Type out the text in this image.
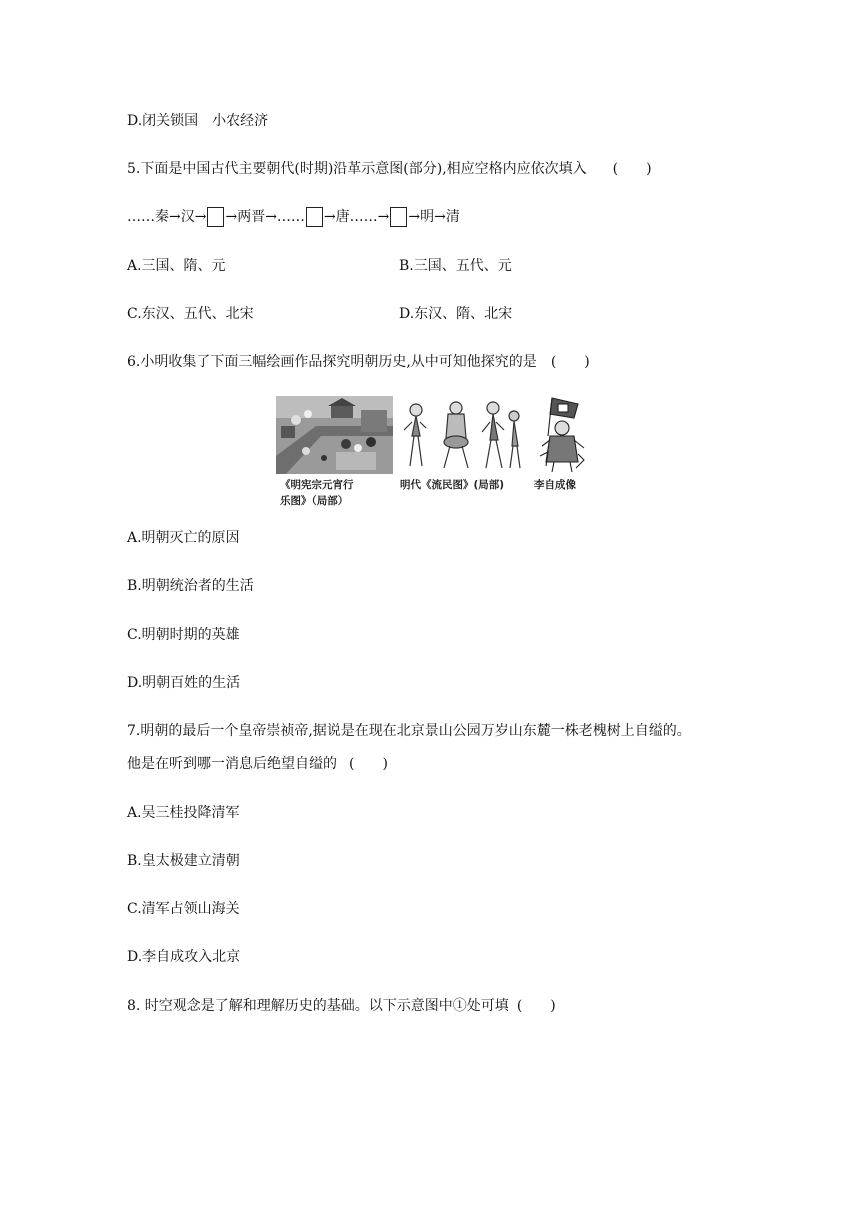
D.闭关锁国　小农经济
5.下面是中国古代主要朝代(时期)沿革示意图(部分),相应空格内应依次填入 (　　)
……秦→汉→ →两晋→…… →唐……→ →明→清
A.三国、隋、元	B.三国、五代、元
C.东汉、五代、北宋	D.东汉、隋、北宋
6.小明收集了下面三幅绘画作品探究明朝历史,从中可知他探究的是 (　　)
《明宪宗元宵行
乐图》（局部）
明代《流民图》(局部)	李自成像
A.明朝灭亡的原因
B.明朝统治者的生活
C.明朝时期的英雄
D.明朝百姓的生活
7.明朝的最后一个皇帝崇祯帝,据说是在现在北京景山公园万岁山东麓一株老槐树上自缢的。
他是在听到哪一消息后绝望自缢的 (　　)
A.吴三桂投降清军
B.皇太极建立清朝
C.清军占领山海关
D.李自成攻入北京
8. 时空观念是了解和理解历史的基础。以下示意图中①处可填 (　　)
